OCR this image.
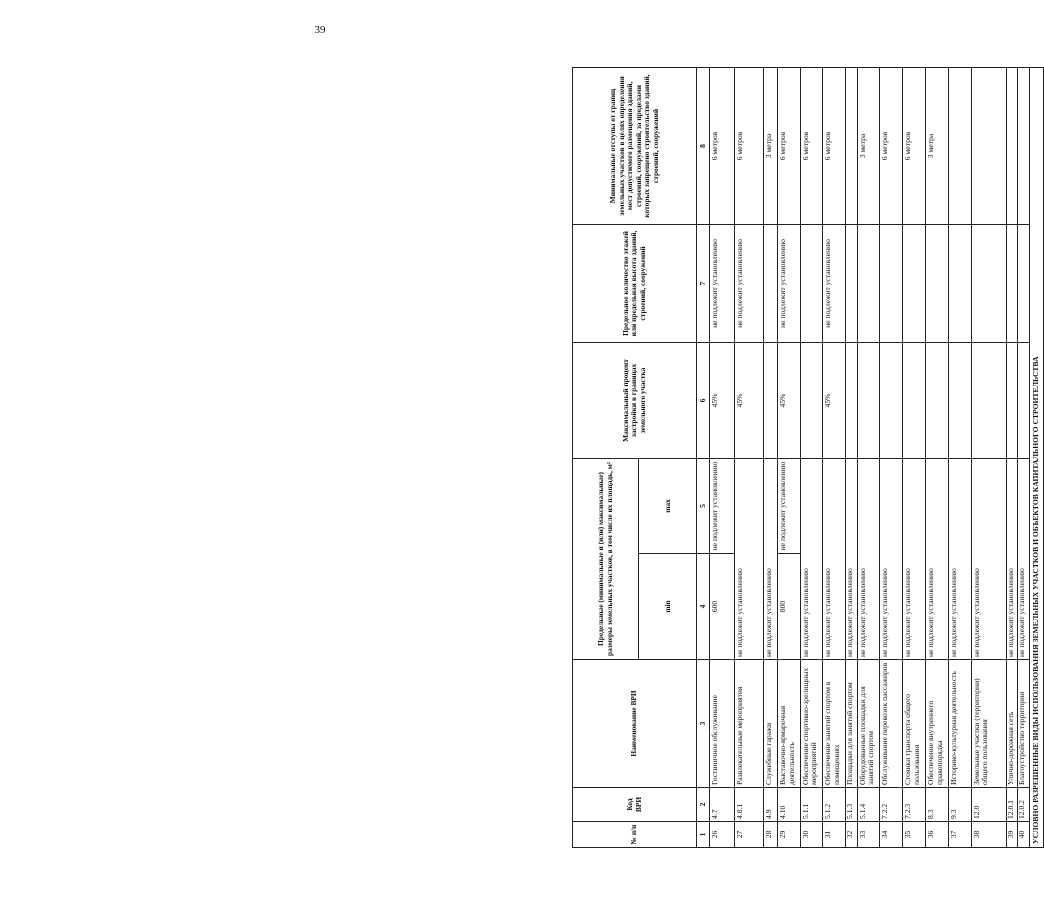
39
№ п/п	Код ВРИ	Наименование ВРИ	Предельные (минимальные и (или) максимальные) размеры земельных участков, в том числе их площадь, м²		Максимальный процент застройки в границах земельного участка	Предельное количество этажей или предельная высота зданий, строений, сооружений	Минимальные отступы от границ земельных участков в целях определения мест допустимого размещения зданий, строений, сооружений, за пределами которых запрещено строительство зданий, строений, сооружений
			min	max			
1	2	3	4	5	6	7	8
26	4.7	Гостиничное обслуживание	600	не подлежит установлению	45%	не подлежит установлению	6 метров
27	4.8.1	Развлекательные мероприятия	не подлежит установлению		45%	не подлежит установлению	6 метров
28	4.9	Служебные гаражи	не подлежит установлению				3 метра
29	4.10	Выставочно-ярмарочная деятельность	800	не подлежит установлению	45%	не подлежит установлению	6 метров
30	5.1.1	Обеспечение спортивно-зрелищных мероприятий	не подлежит установлению				6 метров
31	5.1.2	Обеспечение занятий спортом в помещениях	не подлежит установлению		45%	не подлежит установлению	6 метров
32	5.1.3	Площадки для занятий спортом	не подлежит установлению				
33	5.1.4	Оборудованные площадки для занятий спортом	не подлежит установлению				3 метра
34	7.2.2	Обслуживание перевозок пассажиров	не подлежит установлению				6 метров
35	7.2.3	Стоянки транспорта общего пользования	не подлежит установлению				6 метров
36	8.3	Обеспечение внутреннего правопорядка	не подлежит установлению				3 метра
37	9.3	Историко-культурная деятельность	не подлежит установлению				
38	12.0	Земельные участки (территории) общего пользования	не подлежит установлению				
39	12.0.1	Улично-дорожная сеть	не подлежит установлению				
40	12.0.2	Благоустройство территории	не подлежит установлению				
УСЛОВНО РАЗРЕШЕННЫЕ ВИДЫ ИСПОЛЬЗОВАНИЯ ЗЕМЕЛЬНЫХ УЧАСТКОВ И ОБЪЕКТОВ КАПИТАЛЬНОГО СТРОИТЕЛЬСТВА							
